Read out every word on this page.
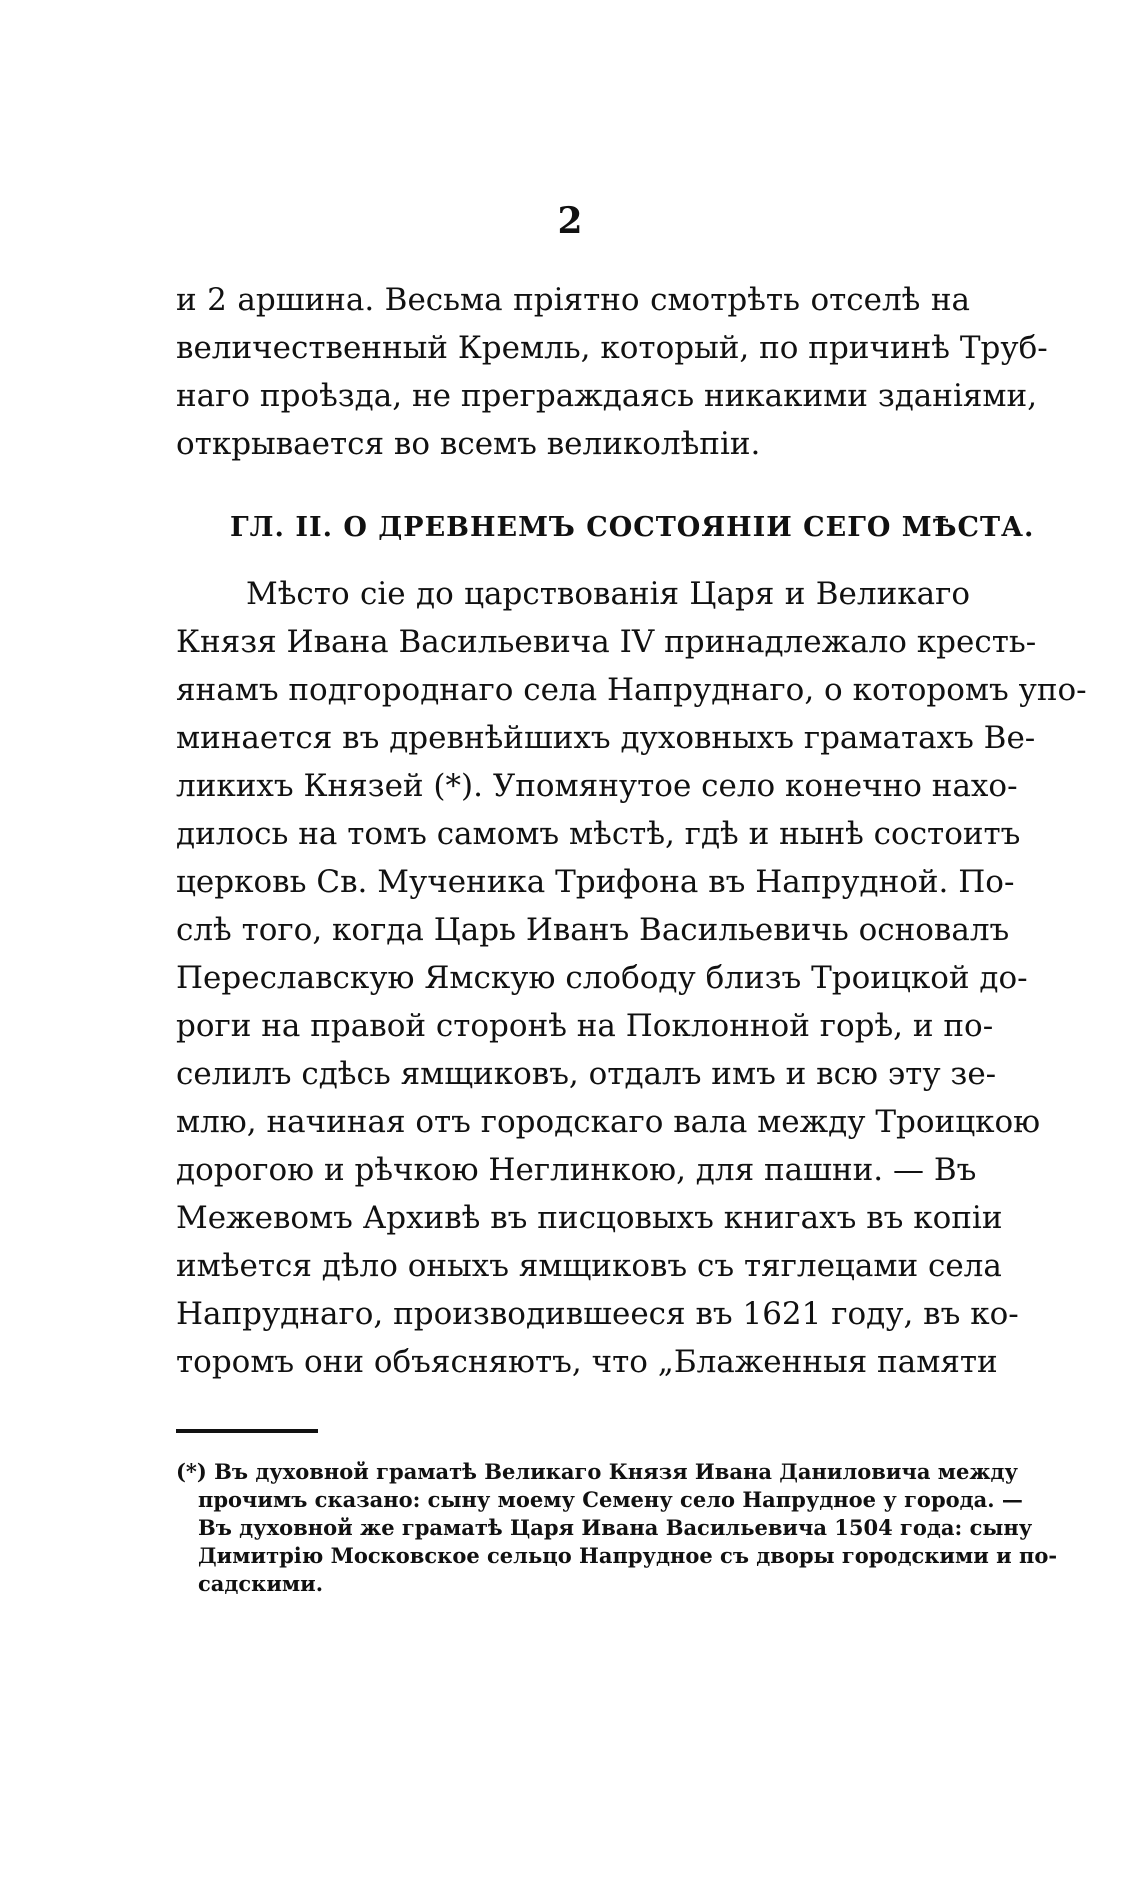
2
и 2 аршина. Весьма пріятно смотрѣть отселѣ на
величественный Кремль, который, по причинѣ Труб-
наго проѣзда, не преграждаясь никакими зданіями,
открывается во всемъ великолѣпіи.
ГЛ. II. О ДРЕВНЕМЪ СОСТОЯНІИ СЕГО МѢСТА.
Мѣсто сіе до царствованія Царя и Великаго
Князя Ивана Васильевича IV принадлежало кресть-
янамъ подгороднаго села Напруднаго, о которомъ упо-
минается въ древнѣйшихъ духовныхъ граматахъ Ве-
ликихъ Князей (*). Упомянутое село конечно нахо-
дилось на томъ самомъ мѣстѣ, гдѣ и нынѣ состоитъ
церковь Св. Мученика Трифона въ Напрудной. По-
слѣ того, когда Царь Иванъ Васильевичь основалъ
Переславскую Ямскую слободу близъ Троицкой до-
роги на правой сторонѣ на Поклонной горѣ, и по-
селилъ сдѣсь ямщиковъ, отдалъ имъ и всю эту зе-
млю, начиная отъ городскаго вала между Троицкою
дорогою и рѣчкою Неглинкою, для пашни. — Въ
Межевомъ Архивѣ въ писцовыхъ книгахъ въ копіи
имѣется дѣло оныхъ ямщиковъ съ тяглецами села
Напруднаго, производившееся въ 1621 году, въ ко-
торомъ они объясняютъ, что „Блаженныя памяти
(*) Въ духовной граматѣ Великаго Князя Ивана Даниловича между
прочимъ сказано: сыну моему Семену село Напрудное у города. —
Въ духовной же граматѣ Царя Ивана Васильевича 1504 года: сыну
Димитрію Московское сельцо Напрудное съ дворы городскими и по-
садскими.
